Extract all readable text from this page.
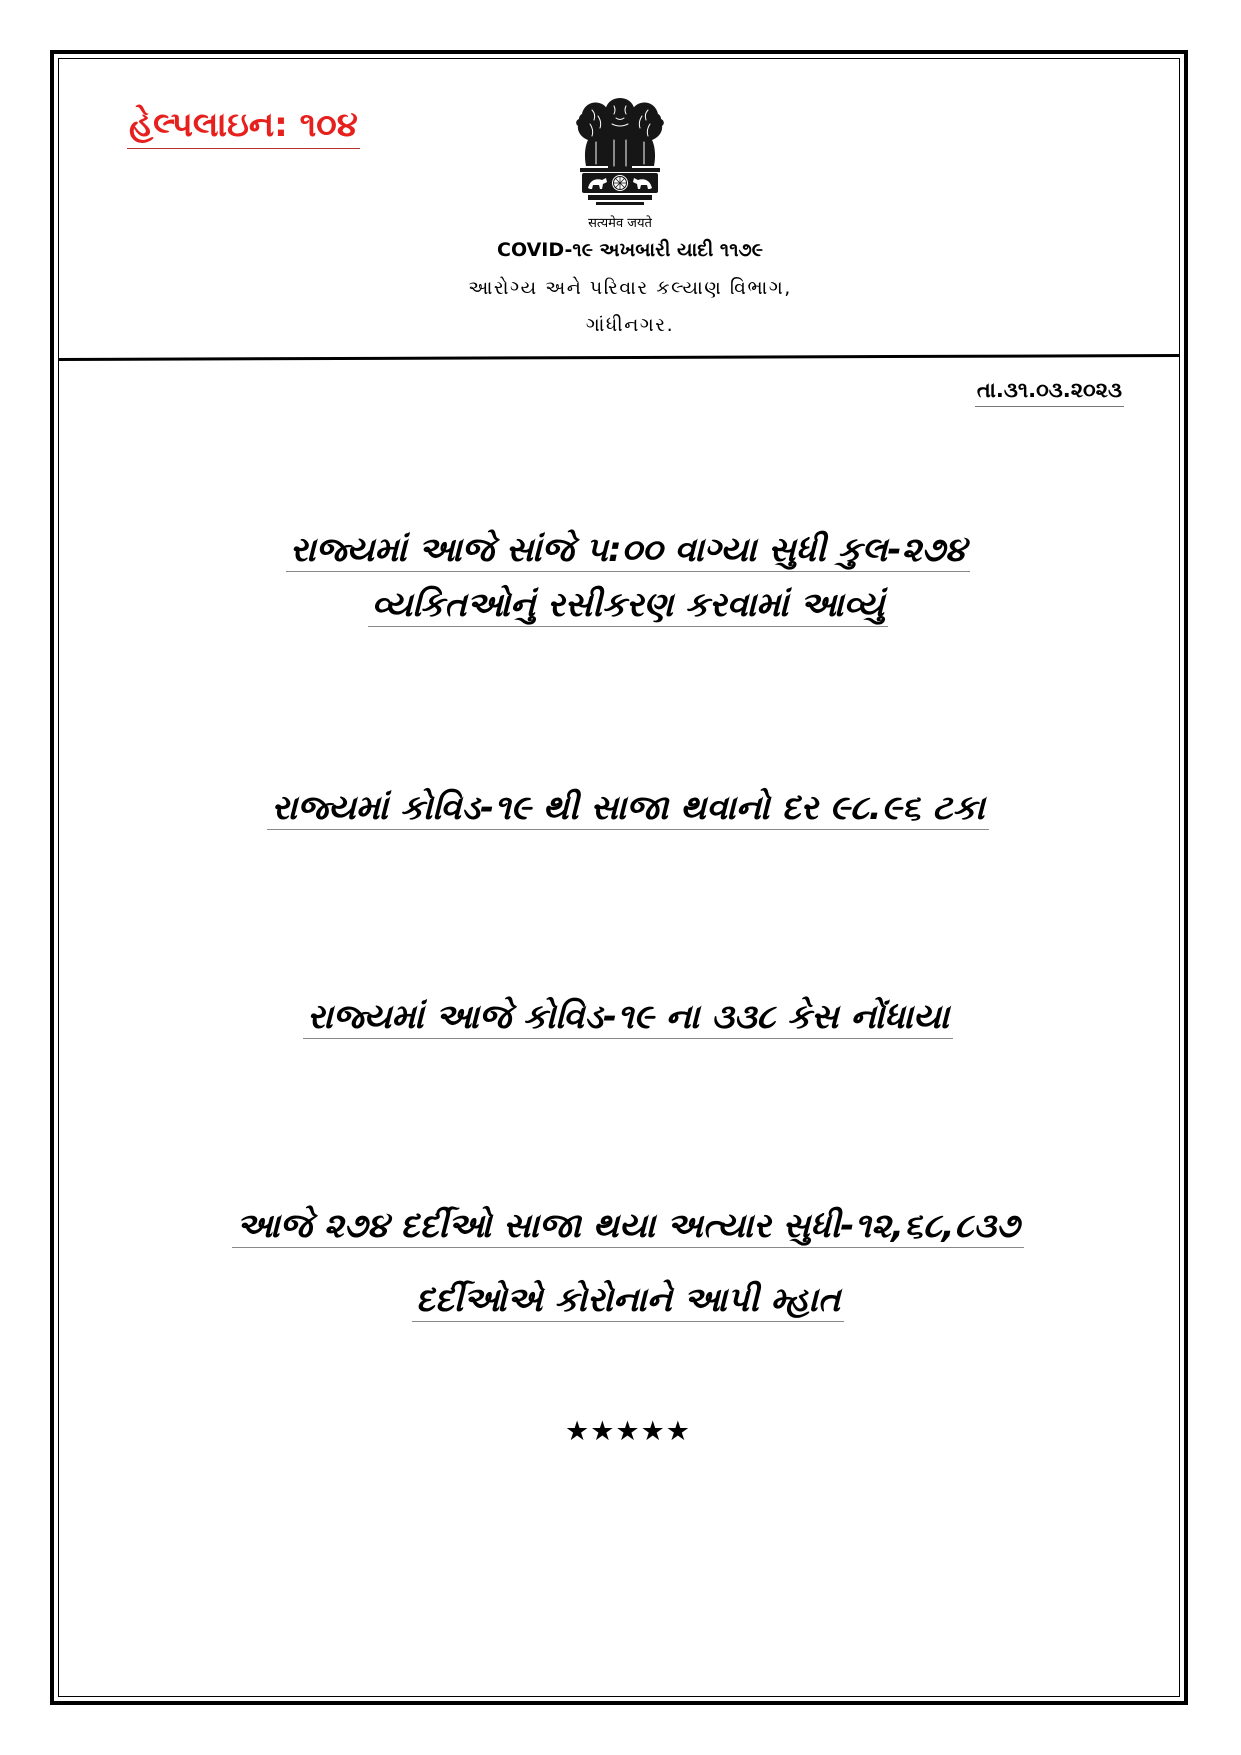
હેલ્પલાઇન: ૧૦૪
सत्यमेव जयते
COVID-૧૯ અખબારી યાદી ૧૧૭૯
આરોગ્ય અને પરિવાર કલ્યાણ વિભાગ,
ગાંધીનગર.
તા.૩૧.૦૩.૨૦૨૩
રાજ્યમાં આજે સાંજે ૫:૦૦ વાગ્યા સુધી કુલ-૨૭૪
વ્યકિતઓનું રસીકરણ કરવામાં આવ્યું
રાજ્યમાં કોવિડ-૧૯ થી સાજા થવાનો દર ૯૮.૯૬ ટકા
રાજ્યમાં આજે કોવિડ-૧૯ ના ૩૩૮ કેસ નોંધાયા
આજે ૨૭૪ દર્દીઓ સાજા થયા અત્યાર સુધી-૧૨,૬૮,૮૩૭
દર્દીઓએ કોરોનાને આપી મ્હાત
★★★★★
